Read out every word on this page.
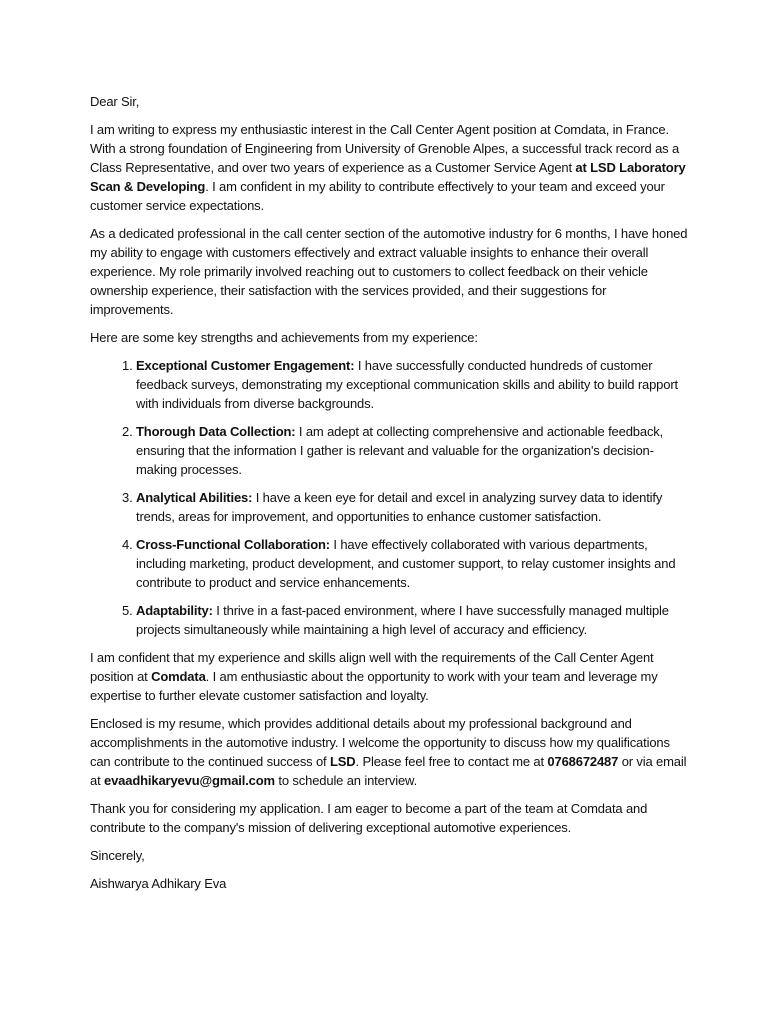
Dear Sir,

I am writing to express my enthusiastic interest in the Call Center Agent position at Comdata, in France. With a strong foundation of Engineering from University of Grenoble Alpes, a successful track record as a Class Representative, and over two years of experience as a Customer Service Agent at LSD Laboratory Scan & Developing. I am confident in my ability to contribute effectively to your team and exceed your customer service expectations.

As a dedicated professional in the call center section of the automotive industry for 6 months, I have honed my ability to engage with customers effectively and extract valuable insights to enhance their overall experience. My role primarily involved reaching out to customers to collect feedback on their vehicle ownership experience, their satisfaction with the services provided, and their suggestions for improvements.

Here are some key strengths and achievements from my experience:

1. Exceptional Customer Engagement: I have successfully conducted hundreds of customer feedback surveys, demonstrating my exceptional communication skills and ability to build rapport with individuals from diverse backgrounds.
2. Thorough Data Collection: I am adept at collecting comprehensive and actionable feedback, ensuring that the information I gather is relevant and valuable for the organization's decision-making processes.
3. Analytical Abilities: I have a keen eye for detail and excel in analyzing survey data to identify trends, areas for improvement, and opportunities to enhance customer satisfaction.
4. Cross-Functional Collaboration: I have effectively collaborated with various departments, including marketing, product development, and customer support, to relay customer insights and contribute to product and service enhancements.
5. Adaptability: I thrive in a fast-paced environment, where I have successfully managed multiple projects simultaneously while maintaining a high level of accuracy and efficiency.

I am confident that my experience and skills align well with the requirements of the Call Center Agent position at Comdata. I am enthusiastic about the opportunity to work with your team and leverage my expertise to further elevate customer satisfaction and loyalty.

Enclosed is my resume, which provides additional details about my professional background and accomplishments in the automotive industry. I welcome the opportunity to discuss how my qualifications can contribute to the continued success of LSD. Please feel free to contact me at 0768672487 or via email at evaadhikaryevu@gmail.com to schedule an interview.

Thank you for considering my application. I am eager to become a part of the team at Comdata and contribute to the company's mission of delivering exceptional automotive experiences.

Sincerely,

Aishwarya Adhikary Eva
